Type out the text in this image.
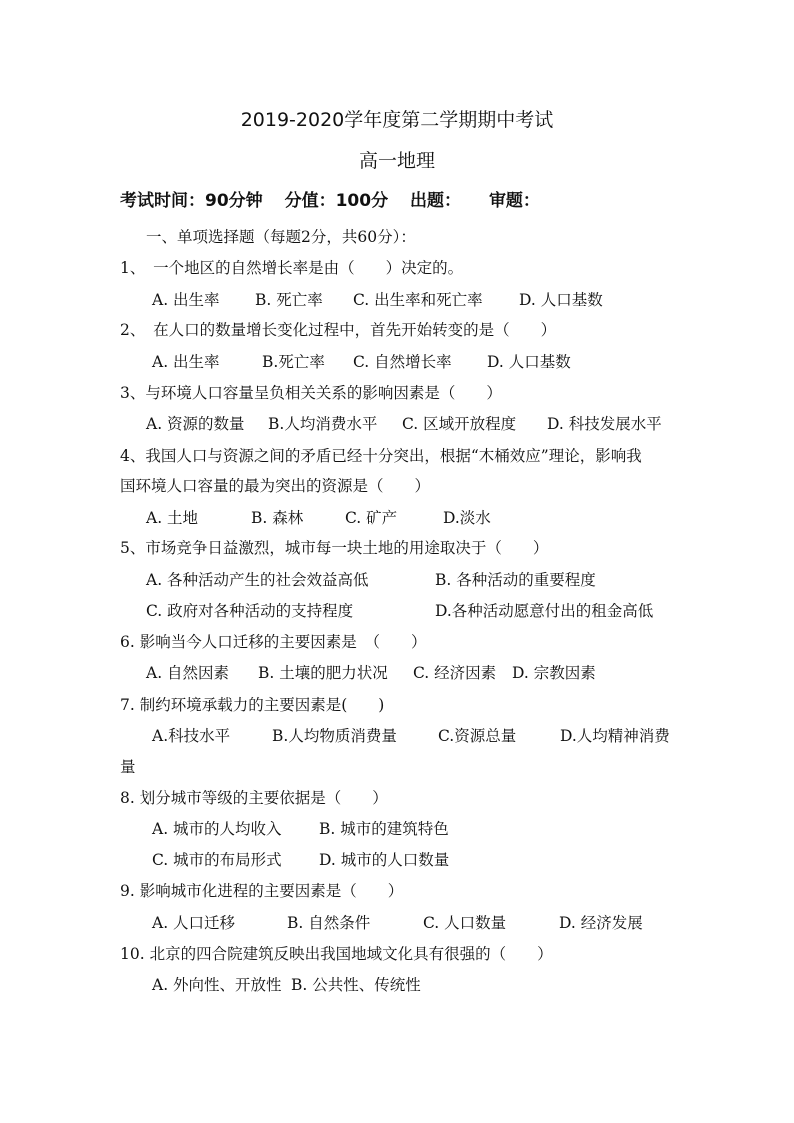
2019-2020学年度第二学期期中考试
高一地理
考试时间：90分钟 分值：100分 出题： 审题：
一、单项选择题（每题2分，共60分）：
1、　一个地区的自然增长率是由（　　）决定的。
A. 出生率 B. 死亡率 C. 出生率和死亡率 D. 人口基数
2、　在人口的数量增长变化过程中，首先开始转变的是（　　）
A. 出生率	B.死亡率 C. 自然增长率 D. 人口基数
3、与环境人口容量呈负相关关系的影响因素是（　　）
A. 资源的数量 B.人均消费水平 C. 区域开放程度 D. 科技发展水平
4、我国人口与资源之间的矛盾已经十分突出，根据“木桶效应”理论，影响我
国环境人口容量的最为突出的资源是（　　）
A. 土地	B. 森林	C. 矿产	D.淡水
5、市场竞争日益激烈，城市每一块土地的用途取决于（　　）
A. 各种活动产生的社会效益高低	B. 各种活动的重要程度
C. 政府对各种活动的支持程度	D.各种活动愿意付出的租金高低
6. 影响当今人口迁移的主要因素是　（　　）
A. 自然因素 B. 土壤的肥力状况 C. 经济因素 D. 宗教因素
7. 制约环境承载力的主要因素是(　　)
A.科技水平	B.人均物质消费量	C.资源总量	D.人均精神消费
量
8. 划分城市等级的主要依据是（　　）
A. 城市的人均收入 B. 城市的建筑特色
C. 城市的布局形式 D. 城市的人口数量
9. 影响城市化进程的主要因素是（　　）
A. 人口迁移	B. 自然条件	C. 人口数量	D. 经济发展
10. 北京的四合院建筑反映出我国地域文化具有很强的（　　）
A. 外向性、开放性 B. 公共性、传统性
